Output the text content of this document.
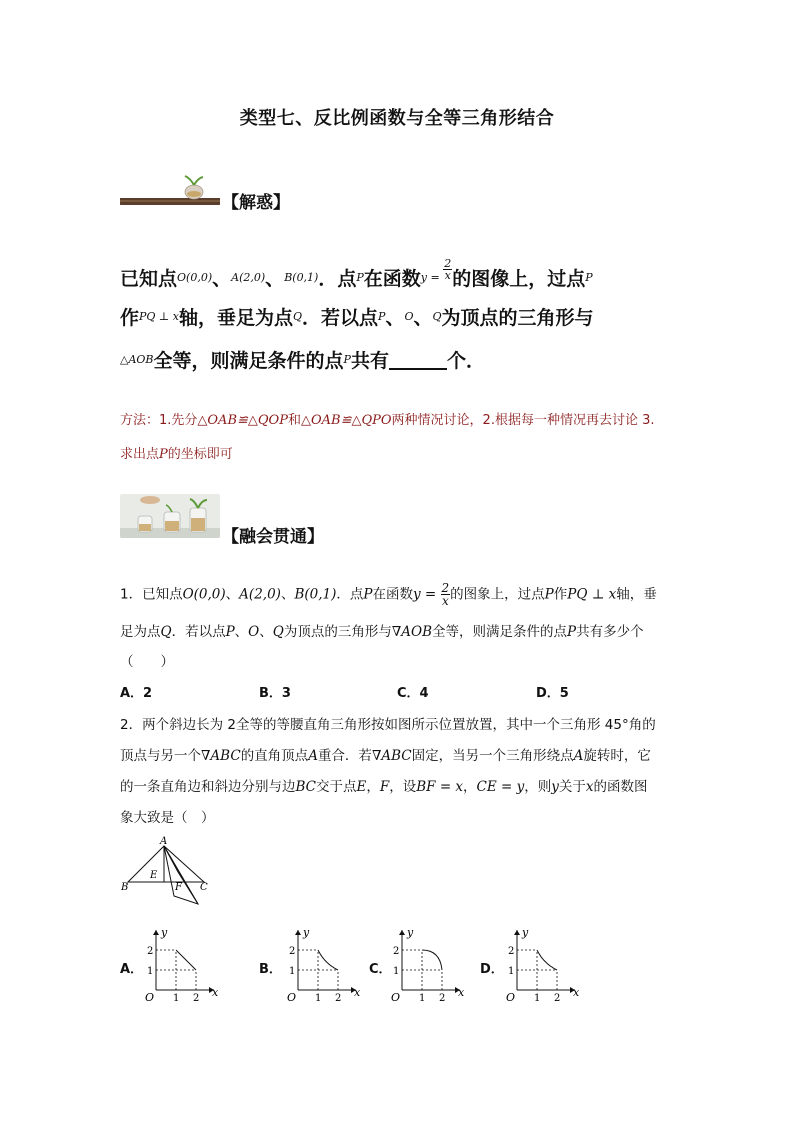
类型七、反比例函数与全等三角形结合
【解惑】
已知点$^{O(0,0)}$、$^{A(2,0)}$、$^{B(0,1)}$．点$^P$在函数$^y$ $^= \frac{2}{x}$ 的图像上，过点$^P$
作$^{PQ \perp x}$轴，垂足为点$^Q$．若以点$^P$、$^O$、$^Q$为顶点的三角形与
$^{\triangle AOB}$全等，则满足条件的点$^P$共有	个．
方法：1.先分△OAB≌△QOP和△OAB≌△QPO两种情况讨论，2.根据每一种情况再去讨论 3.
求出点P的坐标即可
【融会贯通】
1．已知点O(0,0)、A(2,0)、B(0,1)．点P在函数$y = \frac{2}{x}$ 的图象上，过点P作PQ ⊥ x轴，垂
足为点Q．若以点P、O、Q为顶点的三角形与∇AOB全等，则满足条件的点P共有多少个
（　　）
A．2	B．3	C．4	D．5
2．两个斜边长为 2全等的等腰直角三角形按如图所示位置放置，其中一个三角形 45°角的
顶点与另一个∇ABC的直角顶点A重合．若∇ABC固定，当另一个三角形绕点A旋转时，它
的一条直角边和斜边分别与边BC交于点E，F，设BF = x，CE = y，则y关于x的函数图
象大致是（　）
A
B	C
E
F
A．	B．	C．	D．
y
x
O 1 2
1
2
y
x
O 1 2
1
2
y
x
O 1 2
1
2
y
x
O 1 2
1
2
